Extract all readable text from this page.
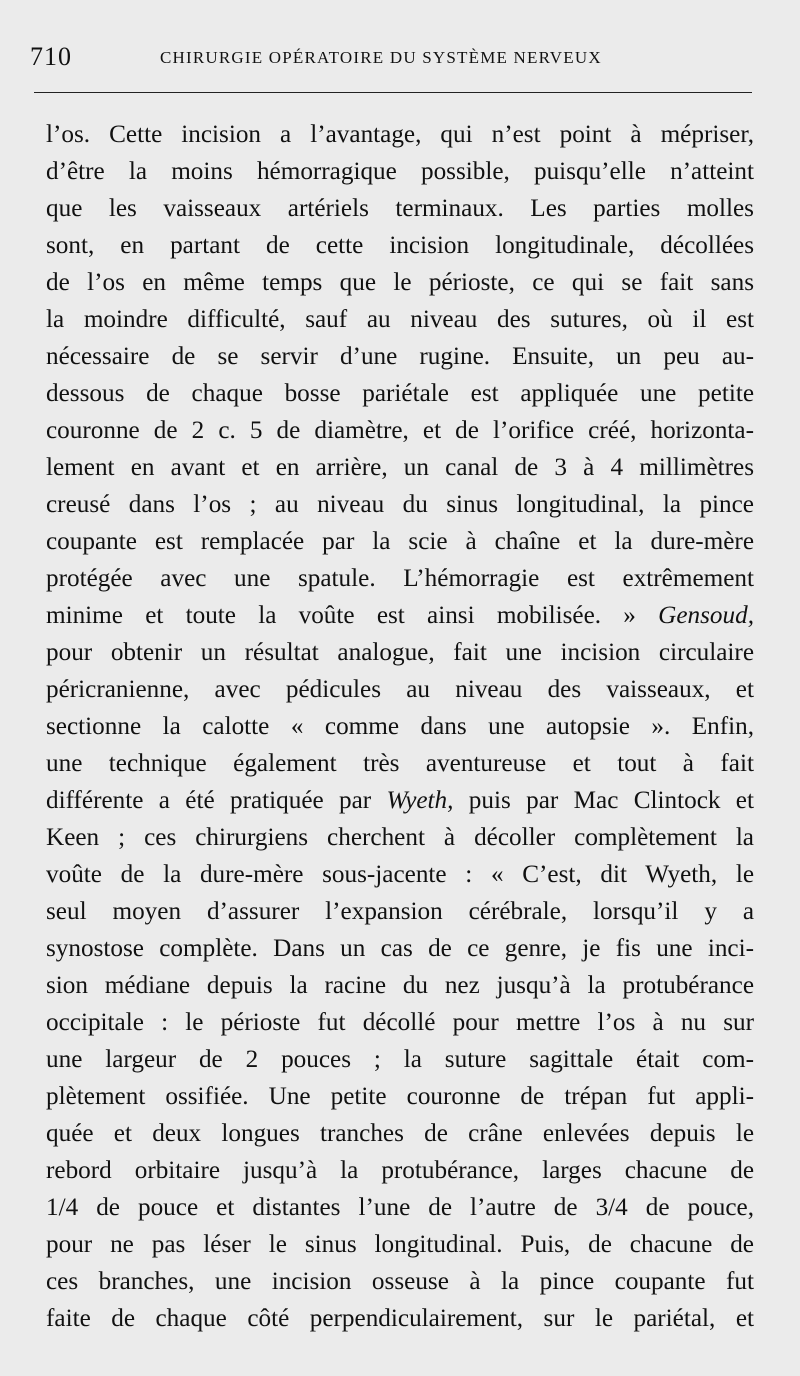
710	CHIRURGIE OPÉRATOIRE DU SYSTÈME NERVEUX
l’os. Cette incision a l’avantage, qui n’est point à mépriser,
d’être la moins hémorragique possible, puisqu’elle n’atteint
que les vaisseaux artériels terminaux. Les parties molles
sont, en partant de cette incision longitudinale, décollées
de l’os en même temps que le périoste, ce qui se fait sans
la moindre difficulté, sauf au niveau des sutures, où il est
nécessaire de se servir d’une rugine. Ensuite, un peu au-
dessous de chaque bosse pariétale est appliquée une petite
couronne de 2 c. 5 de diamètre, et de l’orifice créé, horizonta-
lement en avant et en arrière, un canal de 3 à 4 millimètres
creusé dans l’os ; au niveau du sinus longitudinal, la pince
coupante est remplacée par la scie à chaîne et la dure-mère
protégée avec une spatule. L’hémorragie est extrêmement
minime et toute la voûte est ainsi mobilisée. » Gensoud,
pour obtenir un résultat analogue, fait une incision circulaire
péricranienne, avec pédicules au niveau des vaisseaux, et
sectionne la calotte « comme dans une autopsie ». Enfin,
une technique également très aventureuse et tout à fait
différente a été pratiquée par Wyeth, puis par Mac Clintock et
Keen ; ces chirurgiens cherchent à décoller complètement la
voûte de la dure-mère sous-jacente : « C’est, dit Wyeth, le
seul moyen d’assurer l’expansion cérébrale, lorsqu’il y a
synostose complète. Dans un cas de ce genre, je fis une inci-
sion médiane depuis la racine du nez jusqu’à la protubérance
occipitale : le périoste fut décollé pour mettre l’os à nu sur
une largeur de 2 pouces ; la suture sagittale était com-
plètement ossifiée. Une petite couronne de trépan fut appli-
quée et deux longues tranches de crâne enlevées depuis le
rebord orbitaire jusqu’à la protubérance, larges chacune de
1/4 de pouce et distantes l’une de l’autre de 3/4 de pouce,
pour ne pas léser le sinus longitudinal. Puis, de chacune de
ces branches, une incision osseuse à la pince coupante fut
faite de chaque côté perpendiculairement, sur le pariétal, et
